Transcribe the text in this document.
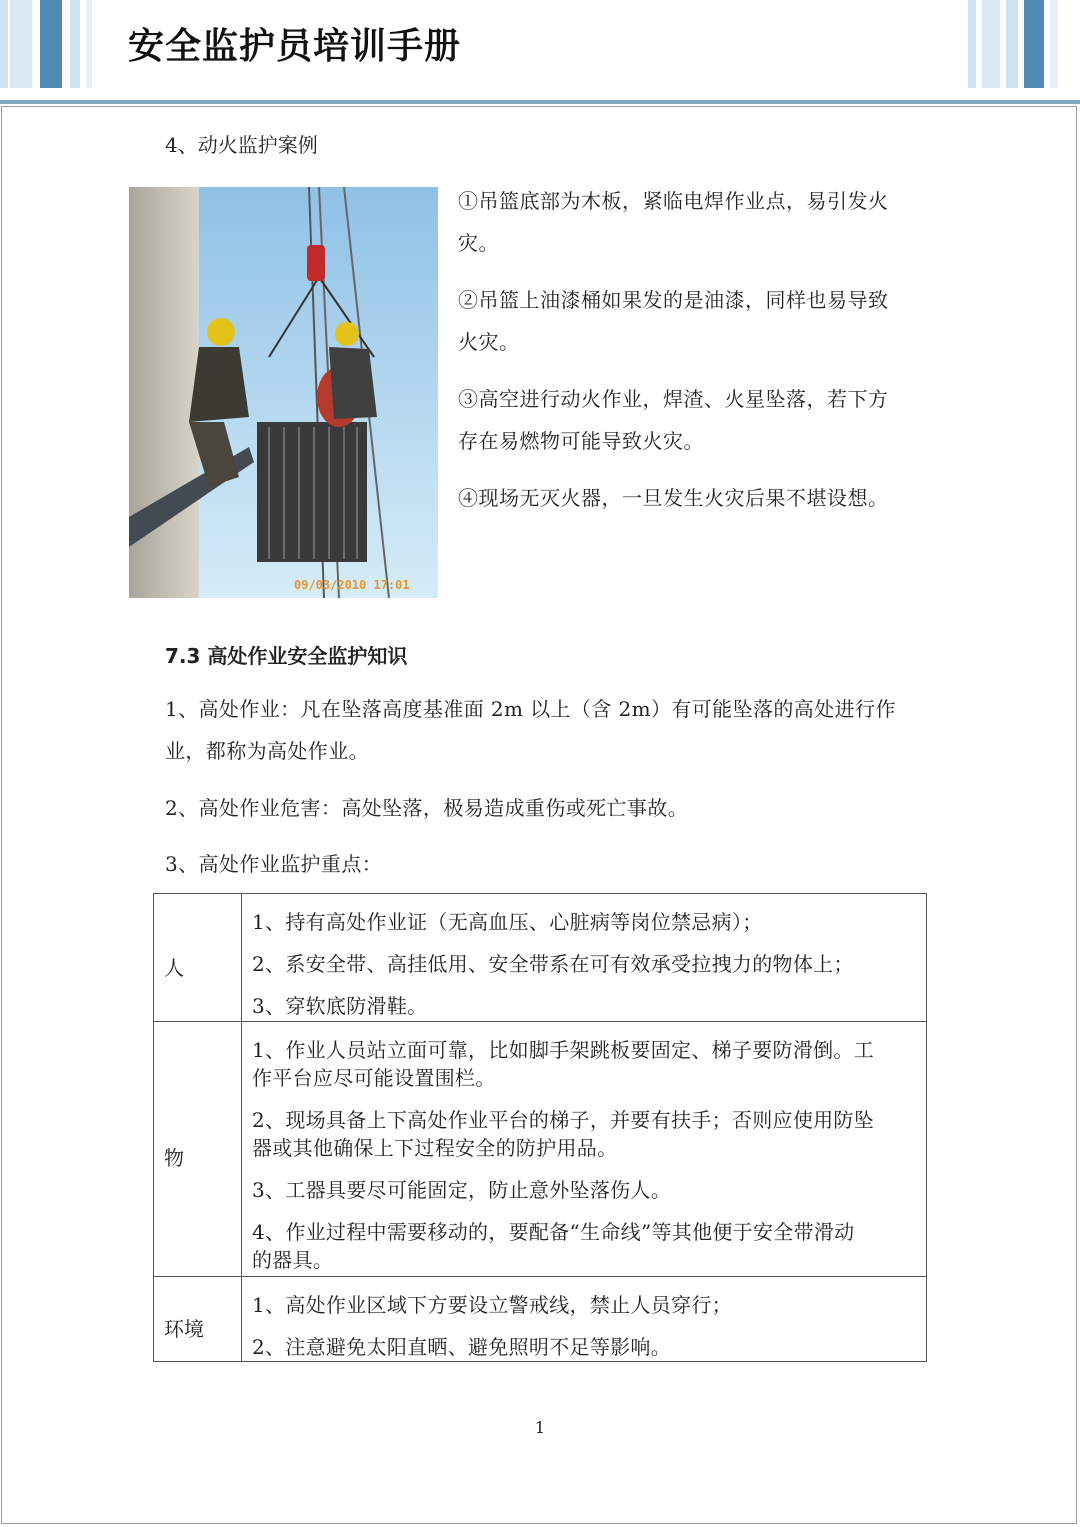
安全监护员培训手册
4、动火监护案例
09/03/2010 17:01
①吊篮底部为木板，紧临电焊作业点，易引发火
灾。
②吊篮上油漆桶如果发的是油漆，同样也易导致
火灾。
③高空进行动火作业，焊渣、火星坠落，若下方
存在易燃物可能导致火灾。
④现场无灭火器，一旦发生火灾后果不堪设想。
7.3 高处作业安全监护知识
1、高处作业：凡在坠落高度基准面 2m 以上（含 2m）有可能坠落的高处进行作
业，都称为高处作业。
2、高处作业危害：高处坠落，极易造成重伤或死亡事故。
3、高处作业监护重点：
人
1、持有高处作业证（无高血压、心脏病等岗位禁忌病）；
2、系安全带、高挂低用、安全带系在可有效承受拉拽力的物体上；
3、穿软底防滑鞋。
物
1、作业人员站立面可靠，比如脚手架跳板要固定、梯子要防滑倒。工
作平台应尽可能设置围栏。
2、现场具备上下高处作业平台的梯子，并要有扶手；否则应使用防坠
器或其他确保上下过程安全的防护用品。
3、工器具要尽可能固定，防止意外坠落伤人。
4、作业过程中需要移动的，要配备“生命线”等其他便于安全带滑动
的器具。
环境
1、高处作业区域下方要设立警戒线，禁止人员穿行；
2、注意避免太阳直晒、避免照明不足等影响。
1
